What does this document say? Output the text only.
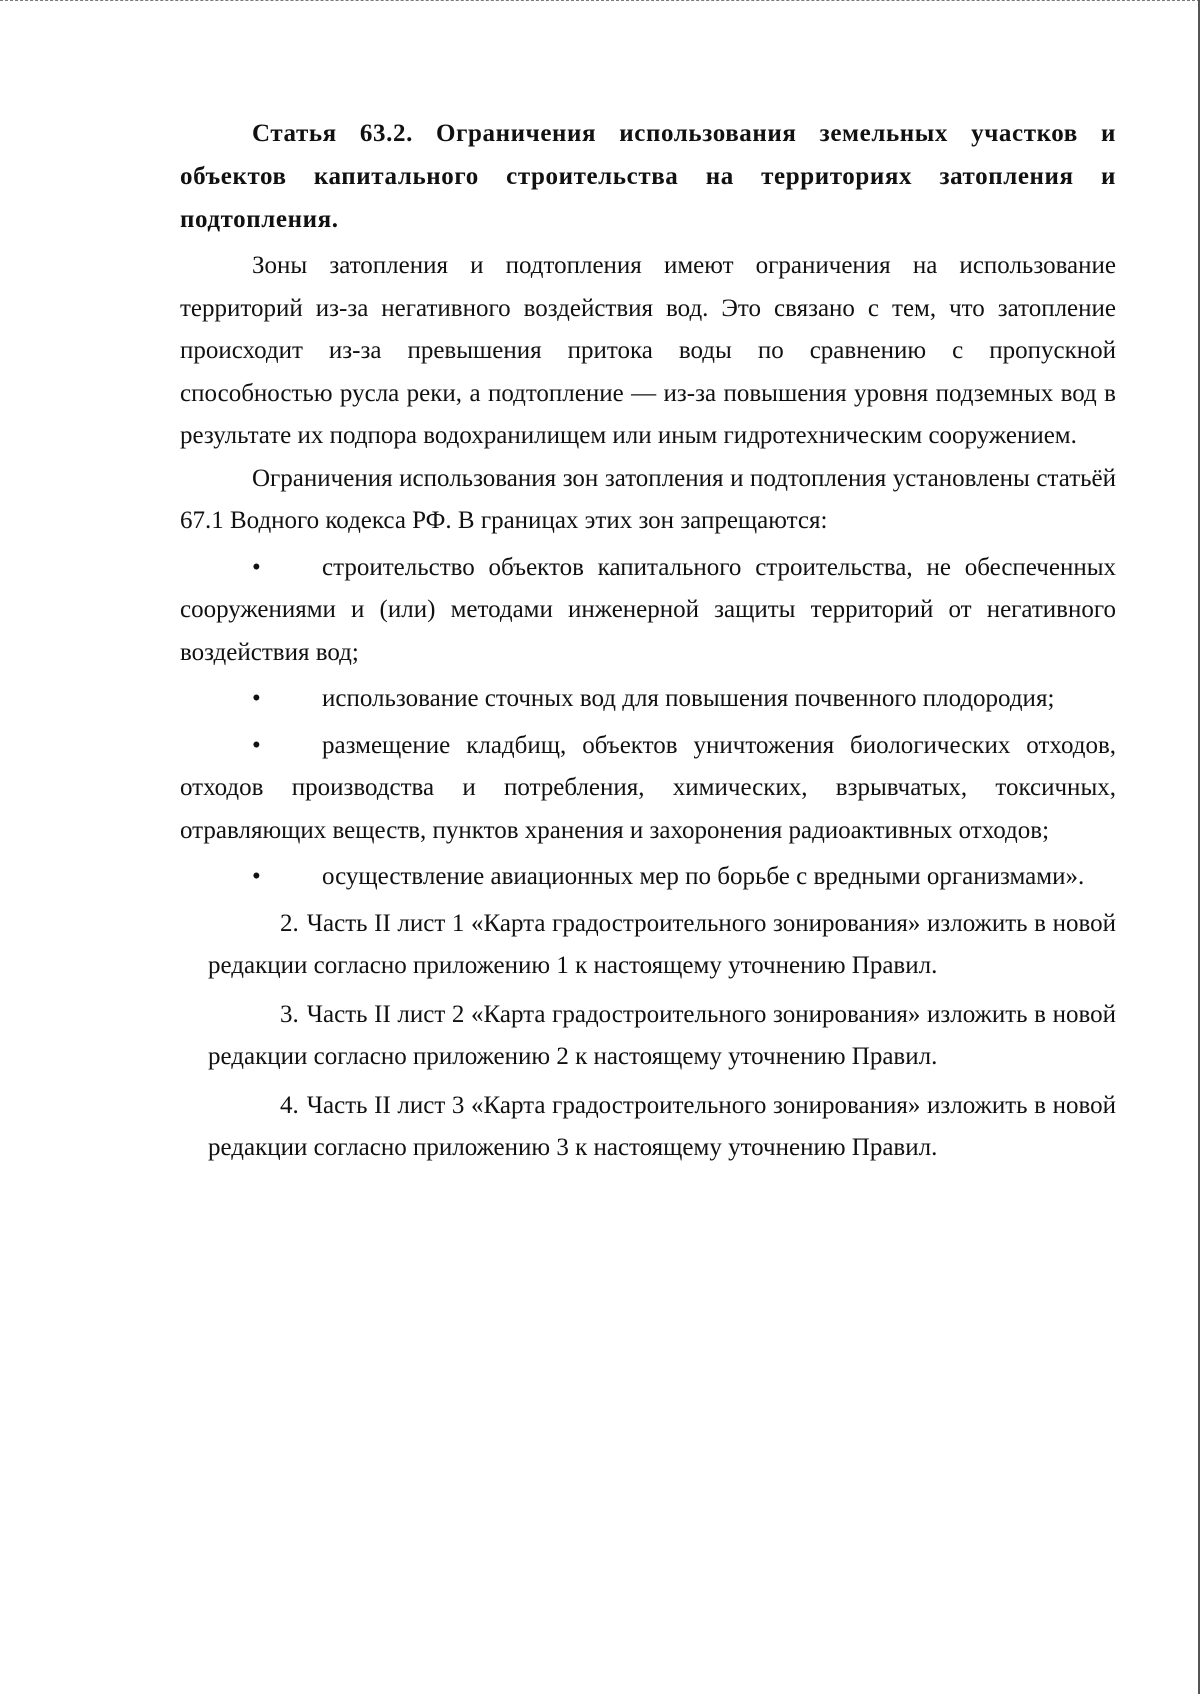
Статья 63.2. Ограничения использования земельных участков и объектов капитального строительства на территориях затопления и подтопления.

Зоны затопления и подтопления имеют ограничения на использование территорий из-за негативного воздействия вод. Это связано с тем, что затопление происходит из-за превышения притока воды по сравнению с пропускной способностью русла реки, а подтопление — из-за повышения уровня подземных вод в результате их подпора водохранилищем или иным гидротехническим сооружением.

Ограничения использования зон затопления и подтопления установлены статьёй 67.1 Водного кодекса РФ. В границах этих зон запрещаются:

• строительство объектов капитального строительства, не обеспеченных сооружениями и (или) методами инженерной защиты территорий от негативного воздействия вод;

• использование сточных вод для повышения почвенного плодородия;

• размещение кладбищ, объектов уничтожения биологических отходов, отходов производства и потребления, химических, взрывчатых, токсичных, отравляющих веществ, пунктов хранения и захоронения радиоактивных отходов;

• осуществление авиационных мер по борьбе с вредными организмами».

2. Часть II лист 1 «Карта градостроительного зонирования» изложить в новой редакции согласно приложению 1 к настоящему уточнению Правил.

3. Часть II лист 2 «Карта градостроительного зонирования» изложить в новой редакции согласно приложению 2 к настоящему уточнению Правил.

4. Часть II лист 3 «Карта градостроительного зонирования» изложить в новой редакции согласно приложению 3 к настоящему уточнению Правил.
